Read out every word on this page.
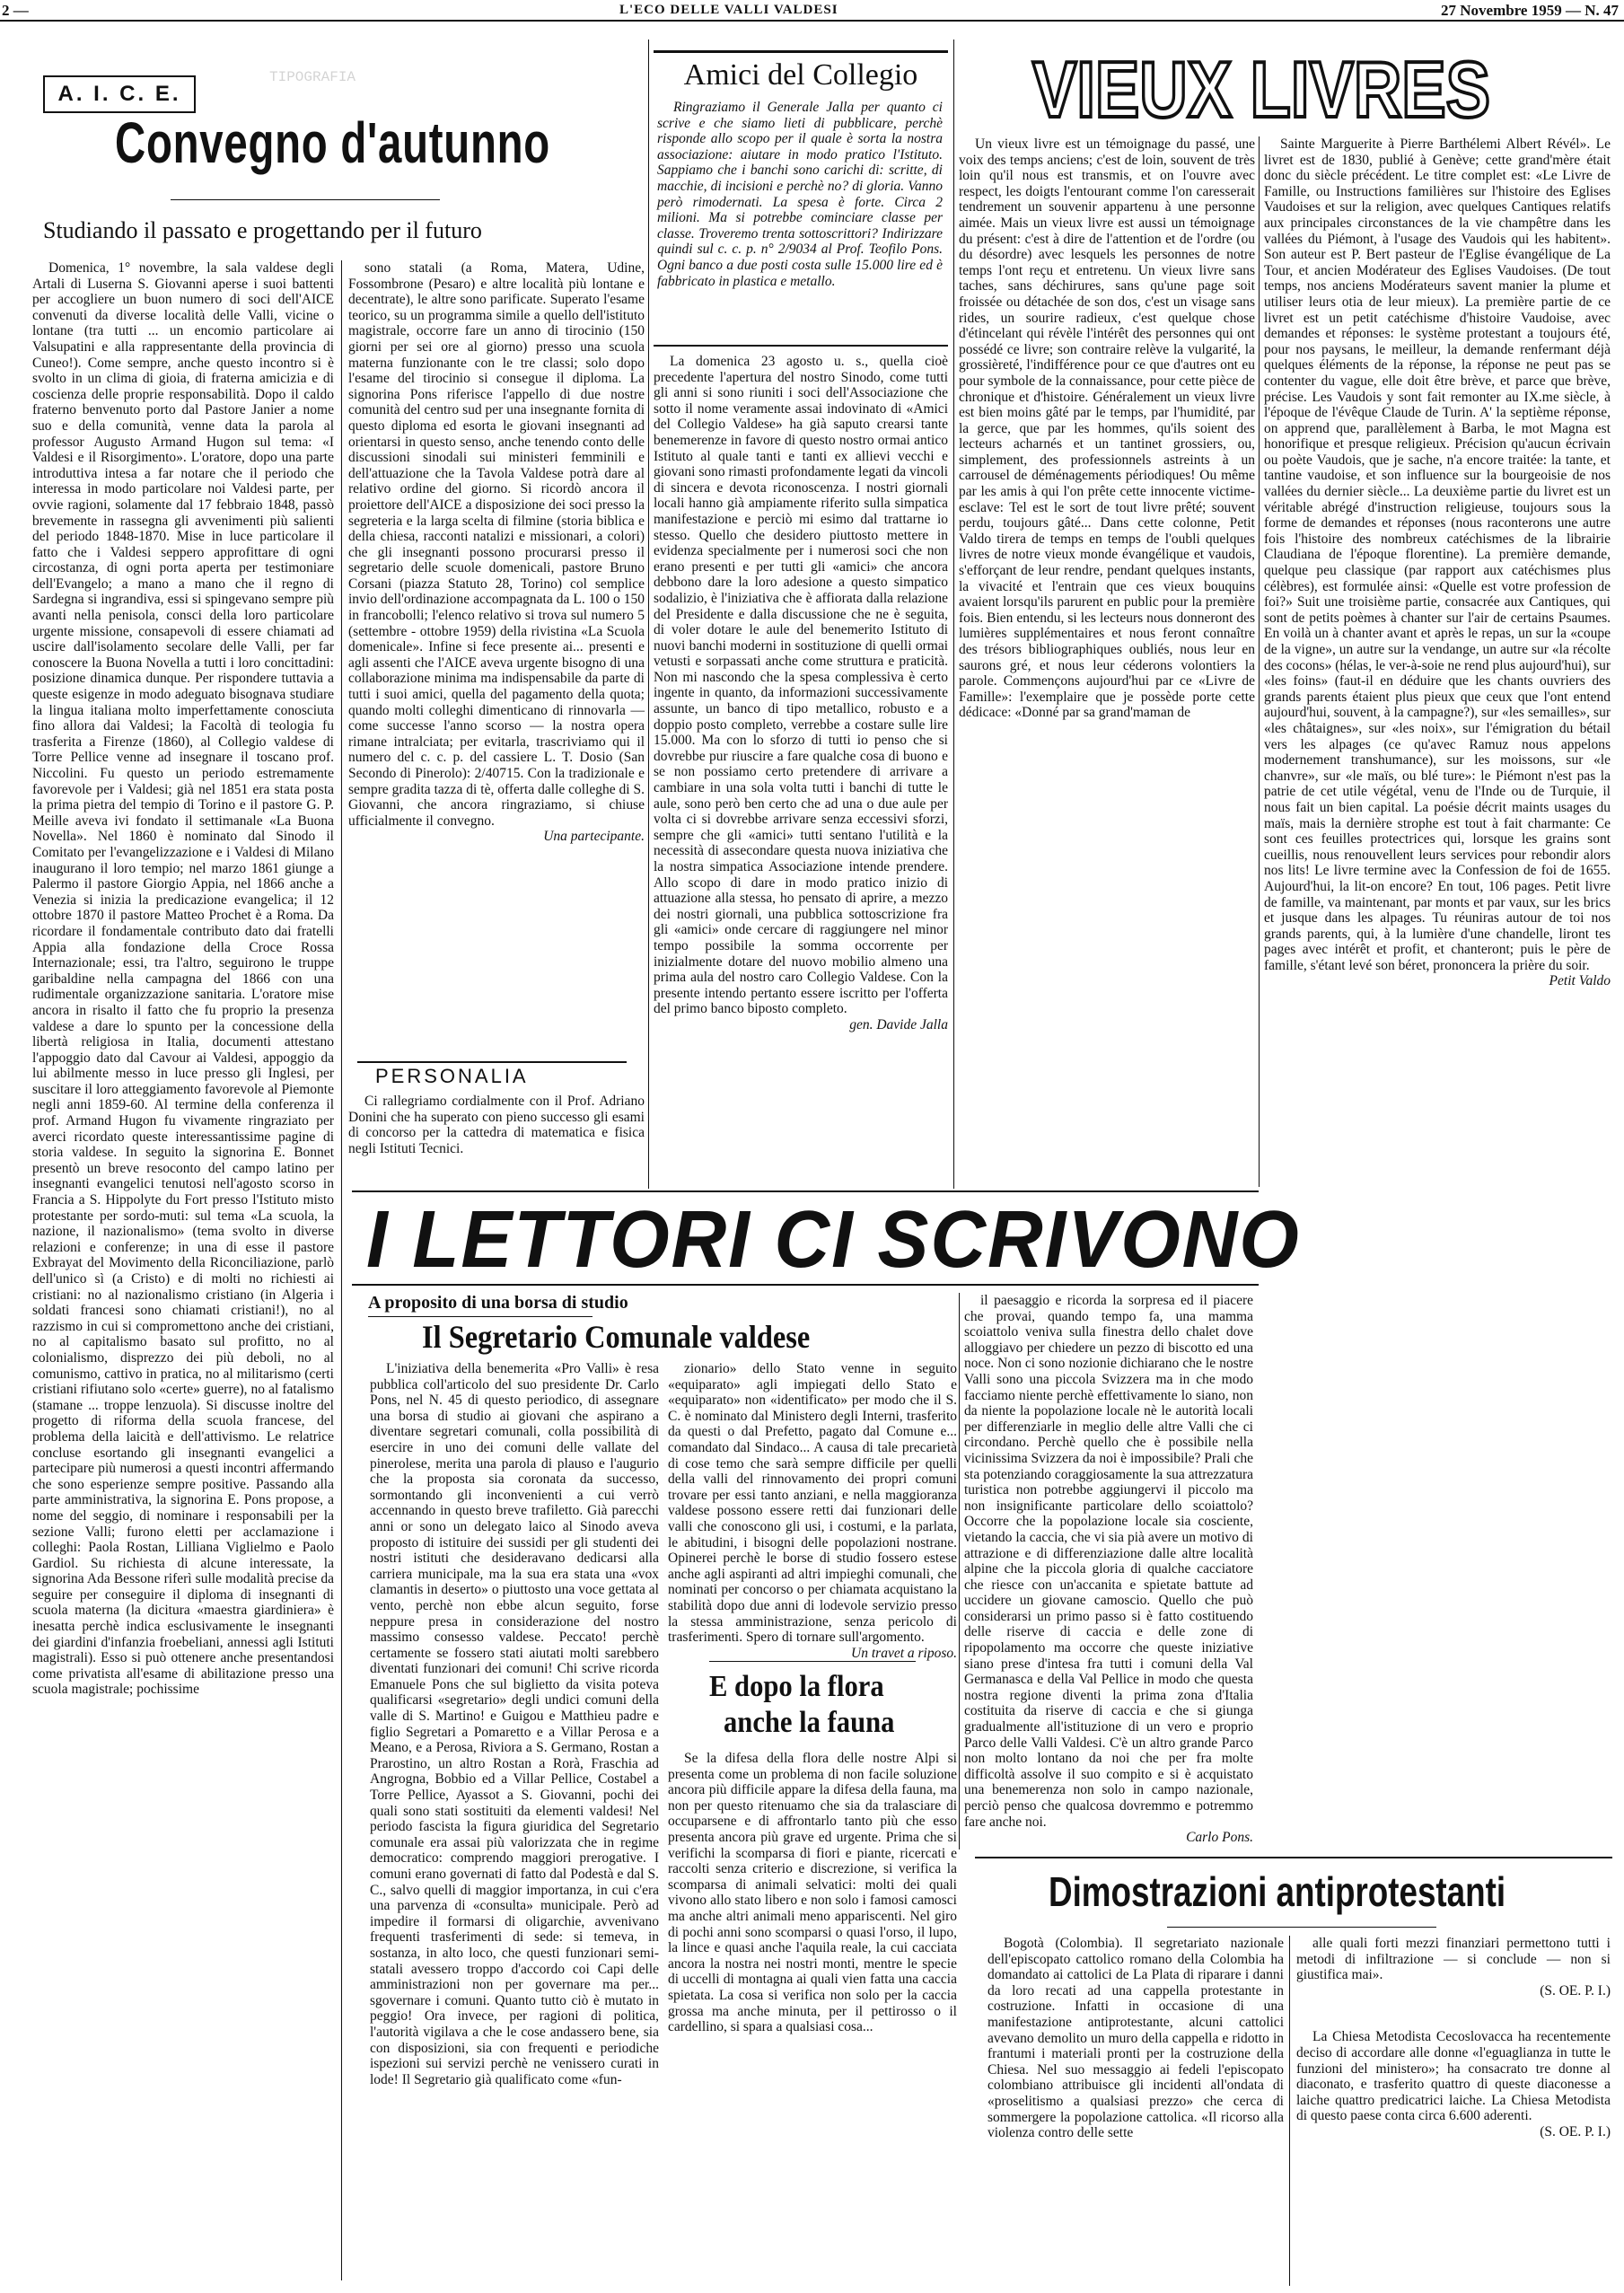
2 —	L'ECO DELLE VALLI VALDESI	27 Novembre 1959 — N. 47
A. I. C. E.
TIPOGRAFIA
Convegno d'autunno
Studiando il passato e progettando per il futuro

Domenica, 1° novembre, la sala valdese degli Artali di Luserna S. Giovanni aperse i suoi battenti per accogliere un buon numero di soci dell'AICE convenuti da diverse località delle Valli, vicine o lontane (tra tutti ... un encomio particolare ai Valsupatini e alla rappresentante della provincia di Cuneo!). Come sempre, anche questo incontro si è svolto in un clima di gioia, di fraterna amicizia e di coscienza delle proprie responsabilità. Dopo il caldo fraterno benvenuto porto dal Pastore Janier a nome suo e della comunità, venne data la parola al professor Augusto Armand Hugon sul tema: «I Valdesi e il Risorgimento». L'oratore, dopo una parte introduttiva intesa a far notare che il periodo che interessa in modo particolare noi Valdesi parte, per ovvie ragioni, solamente dal 17 febbraio 1848, passò brevemente in rassegna gli avvenimenti più salienti del periodo 1848-1870. Mise in luce particolare il fatto che i Valdesi seppero approfittare di ogni circostanza, di ogni porta aperta per testimoniare dell'Evangelo; a mano a mano che il regno di Sardegna si ingrandiva, essi si spingevano sempre più avanti nella penisola, consci della loro particolare urgente missione, consapevoli di essere chiamati ad uscire dall'isolamento secolare delle Valli, per far conoscere la Buona Novella a tutti i loro concittadini: posizione dinamica dunque. Per rispondere tuttavia a queste esigenze in modo adeguato bisognava studiare la lingua italiana molto imperfettamente conosciuta fino allora dai Valdesi; la Facoltà di teologia fu trasferita a Firenze (1860), al Collegio valdese di Torre Pellice venne ad insegnare il toscano prof. Niccolini. Fu questo un periodo estremamente favorevole per i Valdesi; già nel 1851 era stata posta la prima pietra del tempio di Torino e il pastore G. P. Meille aveva ivi fondato il settimanale «La Buona Novella». Nel 1860 è nominato dal Sinodo il Comitato per l'evangelizzazione e i Valdesi di Milano inaugurano il loro tempio; nel marzo 1861 giunge a Palermo il pastore Giorgio Appia, nel 1866 anche a Venezia si inizia la predicazione evangelica; il 12 ottobre 1870 il pastore Matteo Prochet è a Roma. Da ricordare il fondamentale contributo dato dai fratelli Appia alla fondazione della Croce Rossa Internazionale; essi, tra l'altro, seguirono le truppe garibaldine nella campagna del 1866 con una rudimentale organizzazione sanitaria. L'oratore mise ancora in risalto il fatto che fu proprio la presenza valdese a dare lo spunto per la concessione della libertà religiosa in Italia, documenti attestano l'appoggio dato dal Cavour ai Valdesi, appoggio da lui abilmente messo in luce presso gli Inglesi, per suscitare il loro atteggiamento favorevole al Piemonte negli anni 1859-60. Al termine della conferenza il prof. Armand Hugon fu vivamente ringraziato per averci ricordato queste interessantissime pagine di storia valdese. In seguito la signorina E. Bonnet presentò un breve resoconto del campo latino per insegnanti evangelici tenutosi nell'agosto scorso in Francia a S. Hippolyte du Fort presso l'Istituto misto protestante per sordo-muti: sul tema «La scuola, la nazione, il nazionalismo» (tema svolto in diverse relazioni e conferenze; in una di esse il pastore Exbrayat del Movimento della Riconciliazione, parlò dell'unico sì (a Cristo) e di molti no richiesti ai cristiani: no al nazionalismo cristiano (in Algeria i soldati francesi sono chiamati cristiani!), no al razzismo in cui si compromettono anche dei cristiani, no al capitalismo basato sul profitto, no al colonialismo, disprezzo dei più deboli, no al comunismo, cattivo in pratica, no al militarismo (certi cristiani rifiutano solo «certe» guerre), no al fatalismo (stamane ... troppe lenzuola). Si discusse inoltre del progetto di riforma della scuola francese, del problema della laicità e dell'attivismo. Le relatrice concluse esortando gli insegnanti evangelici a partecipare più numerosi a questi incontri affermando che sono esperienze sempre positive. Passando alla parte amministrativa, la signorina E. Pons propose, a nome del seggio, di nominare i responsabili per la sezione Valli; furono eletti per acclamazione i colleghi: Paola Rostan, Lilliana Viglielmo e Paolo Gardiol. Su richiesta di alcune interessate, la signorina Ada Bessone riferì sulle modalità precise da seguire per conseguire il diploma di insegnanti di scuola materna (la dicitura «maestra giardiniera» è inesatta perchè indica esclusivamente le insegnanti dei giardini d'infanzia froebeliani, annessi agli Istituti magistrali). Esso si può ottenere anche presentandosi come privatista all'esame di abilitazione presso una scuola magistrale; pochissime

sono statali (a Roma, Matera, Udine, Fossombrone (Pesaro) e altre località più lontane e decentrate), le altre sono parificate. Superato l'esame teorico, su un programma simile a quello dell'istituto magistrale, occorre fare un anno di tirocinio (150 giorni per sei ore al giorno) presso una scuola materna funzionante con le tre classi; solo dopo l'esame del tirocinio si consegue il diploma. La signorina Pons riferisce l'appello di due nostre comunità del centro sud per una insegnante fornita di questo diploma ed esorta le giovani insegnanti ad orientarsi in questo senso, anche tenendo conto delle discussioni sinodali sui ministeri femminili e dell'attuazione che la Tavola Valdese potrà dare al relativo ordine del giorno. Si ricordò ancora il proiettore dell'AICE a disposizione dei soci presso la segreteria e la larga scelta di filmine (storia biblica e della chiesa, racconti natalizi e missionari, a colori) che gli insegnanti possono procurarsi presso il segretario delle scuole domenicali, pastore Bruno Corsani (piazza Statuto 28, Torino) col semplice invio dell'ordinazione accompagnata da L. 100 o 150 in francobolli; l'elenco relativo si trova sul numero 5 (settembre - ottobre 1959) della rivistina «La Scuola domenicale». Infine si fece presente ai... presenti e agli assenti che l'AICE aveva urgente bisogno di una collaborazione minima ma indispensabile da parte di tutti i suoi amici, quella del pagamento della quota; quando molti colleghi dimenticano di rinnovarla — come successe l'anno scorso — la nostra opera rimane intralciata; per evitarla, trascriviamo qui il numero del c. c. p. del cassiere L. T. Dosio (San Secondo di Pinerolo): 2/40715. Con la tradizionale e sempre gradita tazza di tè, offerta dalle colleghe di S. Giovanni, che ancora ringraziamo, si chiuse ufficialmente il convegno.

Una partecipante.
PERSONALIA

Ci rallegriamo cordialmente con il Prof. Adriano Donini che ha superato con pieno successo gli esami di concorso per la cattedra di matematica e fisica negli Istituti Tecnici.

Amici del Collegio

Ringraziamo il Generale Jalla per quanto ci scrive e che siamo lieti di pubblicare, perchè risponde allo scopo per il quale è sorta la nostra associazione: aiutare in modo pratico l'Istituto. Sappiamo che i banchi sono carichi di: scritte, di macchie, di incisioni e perchè no? di gloria. Vanno però rimodernati. La spesa è forte. Circa 2 milioni. Ma si potrebbe cominciare classe per classe. Troveremo trenta sottoscrittori? Indirizzare quindi sul c. c. p. n° 2/9034 al Prof. Teofilo Pons. Ogni banco a due posti costa sulle 15.000 lire ed è fabbricato in plastica e metallo.

La domenica 23 agosto u. s., quella cioè precedente l'apertura del nostro Sinodo, come tutti gli anni si sono riuniti i soci dell'Associazione che sotto il nome veramente assai indovinato di «Amici del Collegio Valdese» ha già saputo crearsi tante benemerenze in favore di questo nostro ormai antico Istituto al quale tanti e tanti ex allievi vecchi e giovani sono rimasti profondamente legati da vincoli di sincera e devota riconoscenza. I nostri giornali locali hanno già ampiamente riferito sulla simpatica manifestazione e perciò mi esimo dal trattarne io stesso. Quello che desidero piuttosto mettere in evidenza specialmente per i numerosi soci che non erano presenti e per tutti gli «amici» che ancora debbono dare la loro adesione a questo simpatico sodalizio, è l'iniziativa che è affiorata dalla relazione del Presidente e dalla discussione che ne è seguita, di voler dotare le aule del benemerito Istituto di nuovi banchi moderni in sostituzione di quelli ormai vetusti e sorpassati anche come struttura e praticità. Non mi nascondo che la spesa complessiva è certo ingente in quanto, da informazioni successivamente assunte, un banco di tipo metallico, robusto e a doppio posto completo, verrebbe a costare sulle lire 15.000. Ma con lo sforzo di tutti io penso che si dovrebbe pur riuscire a fare qualche cosa di buono e se non possiamo certo pretendere di arrivare a cambiare in una sola volta tutti i banchi di tutte le aule, sono però ben certo che ad una o due aule per volta ci si dovrebbe arrivare senza eccessivi sforzi, sempre che gli «amici» tutti sentano l'utilità e la necessità di assecondare questa nuova iniziativa che la nostra simpatica Associazione intende prendere. Allo scopo di dare in modo pratico inizio di attuazione alla stessa, ho pensato di aprire, a mezzo dei nostri giornali, una pubblica sottoscrizione fra gli «amici» onde cercare di raggiungere nel minor tempo possibile la somma occorrente per inizialmente dotare del nuovo mobilio almeno una prima aula del nostro caro Collegio Valdese. Con la presente intendo pertanto essere iscritto per l'offerta del primo banco biposto completo.

gen. Davide Jalla
VIEUX LIVRES

Un vieux livre est un témoignage du passé, une voix des temps anciens; c'est de loin, souvent de très loin qu'il nous est transmis, et on l'ouvre avec respect, les doigts l'entourant comme l'on caresserait tendrement un souvenir appartenu à une personne aimée. Mais un vieux livre est aussi un témoignage du présent: c'est à dire de l'attention et de l'ordre (ou du désordre) avec lesquels les personnes de notre temps l'ont reçu et entretenu. Un vieux livre sans taches, sans déchirures, sans qu'une page soit froissée ou détachée de son dos, c'est un visage sans rides, un sourire radieux, c'est quelque chose d'étincelant qui révèle l'intérêt des personnes qui ont possédé ce livre; son contraire relève la vulgarité, la grossièreté, l'indifférence pour ce que d'autres ont eu pour symbole de la connaissance, pour cette pièce de chronique et d'histoire. Généralement un vieux livre est bien moins gâté par le temps, par l'humidité, par la gerce, que par les hommes, qu'ils soient des lecteurs acharnés et un tantinet grossiers, ou, simplement, des professionnels astreints à un carrousel de déménagements périodiques! Ou même par les amis à qui l'on prête cette innocente victime-esclave: Tel est le sort de tout livre prêté; souvent perdu, toujours gâté... Dans cette colonne, Petit Valdo tirera de temps en temps de l'oubli quelques livres de notre vieux monde évangélique et vaudois, s'efforçant de leur rendre, pendant quelques instants, la vivacité et l'entrain que ces vieux bouquins avaient lorsqu'ils parurent en public pour la première fois. Bien entendu, si les lecteurs nous donneront des lumières supplémentaires et nous feront connaître des trésors bibliographiques oubliés, nous leur en saurons gré, et nous leur céderons volontiers la parole. Commençons aujourd'hui par ce «Livre de Famille»: l'exemplaire que je possède porte cette dédicace: «Donné par sa grand'maman de

Sainte Marguerite à Pierre Barthélemi Albert Révél». Le livret est de 1830, publié à Genève; cette grand'mère était donc du siècle précédent. Le titre complet est: «Le Livre de Famille, ou Instructions familières sur l'histoire des Eglises Vaudoises et sur la religion, avec quelques Cantiques relatifs aux principales circonstances de la vie champêtre dans les vallées du Piémont, à l'usage des Vaudois qui les habitent». Son auteur est P. Bert pasteur de l'Eglise évangélique de La Tour, et ancien Modérateur des Eglises Vaudoises. (De tout temps, nos anciens Modérateurs savent manier la plume et utiliser leurs otia de leur mieux). La première partie de ce livret est un petit catéchisme d'histoire Vaudoise, avec demandes et réponses: le système protestant a toujours été, pour nos paysans, le meilleur, la demande renfermant déjà quelques éléments de la réponse, la réponse ne peut pas se contenter du vague, elle doit être brève, et parce que brève, précise. Les Vaudois y sont fait remonter au IX.me siècle, à l'époque de l'évêque Claude de Turin. A' la septième réponse, on apprend que, parallèlement à Barba, le mot Magna est honorifique et presque religieux. Précision qu'aucun écrivain ou poète Vaudois, que je sache, n'a encore traitée: la tante, et tantine vaudoise, et son influence sur la bourgeoisie de nos vallées du dernier siècle... La deuxième partie du livret est un véritable abrégé d'instruction religieuse, toujours sous la forme de demandes et réponses (nous raconterons une autre fois l'histoire des nombreux catéchismes de la librairie Claudiana de l'époque florentine). La première demande, quelque peu classique (par rapport aux catéchismes plus célèbres), est formulée ainsi: «Quelle est votre profession de foi?» Suit une troisième partie, consacrée aux Cantiques, qui sont de petits poèmes à chanter sur l'air de certains Psaumes. En voilà un à chanter avant et après le repas, un sur la «coupe de la vigne», un autre sur la vendange, un autre sur «la récolte des cocons» (hélas, le ver-à-soie ne rend plus aujourd'hui), sur «les foins» (faut-il en déduire que les chants ouvriers des grands parents étaient plus pieux que ceux que l'ont entend aujourd'hui, souvent, à la campagne?), sur «les semailles», sur «les châtaignes», sur «les noix», sur l'émigration du bétail vers les alpages (ce qu'avec Ramuz nous appelons modernement transhumance), sur les moissons, sur «le chanvre», sur «le maïs, ou blé ture»: le Piémont n'est pas la patrie de cet utile végétal, venu de l'Inde ou de Turquie, il nous fait un bien capital. La poésie décrit maints usages du maïs, mais la dernière strophe est tout à fait charmante: Ce sont ces feuilles protectrices qui, lorsque les grains sont cueillis, nous renouvellent leurs services pour rebondir alors nos lits! Le livre termine avec la Confession de foi de 1655. Aujourd'hui, la lit-on encore? En tout, 106 pages. Petit livre de famille, va maintenant, par monts et par vaux, sur les brics et jusque dans les alpages. Tu réuniras autour de toi nos grands parents, qui, à la lumière d'une chandelle, liront tes pages avec intérêt et profit, et chanteront; puis le père de famille, s'étant levé son béret, prononcera la prière du soir.

Petit Valdo
I LETTORI CI SCRIVONO
A proposito di una borsa di studio
Il Segretario Comunale valdese

L'iniziativa della benemerita «Pro Valli» è resa pubblica coll'articolo del suo presidente Dr. Carlo Pons, nel N. 45 di questo periodico, di assegnare una borsa di studio ai giovani che aspirano a diventare segretari comunali, colla possibilità di esercire in uno dei comuni delle vallate del pinerolese, merita una parola di plauso e l'augurio che la proposta sia coronata da successo, sormontando gli inconvenienti a cui verrò accennando in questo breve trafiletto. Già parecchi anni or sono un delegato laico al Sinodo aveva proposto di istituire dei sussidi per gli studenti dei nostri istituti che desideravano dedicarsi alla carriera municipale, ma la sua era stata una «vox clamantis in deserto» o piuttosto una voce gettata al vento, perchè non ebbe alcun seguito, forse neppure presa in considerazione del nostro massimo consesso valdese. Peccato! perchè certamente se fossero stati aiutati molti sarebbero diventati funzionari dei comuni! Chi scrive ricorda Emanuele Pons che sul biglietto da visita poteva qualificarsi «segretario» degli undici comuni della valle di S. Martino! e Guigou e Matthieu padre e figlio Segretari a Pomaretto e a Villar Perosa e a Meano, e a Perosa, Riviora a S. Germano, Rostan a Prarostino, un altro Rostan a Rorà, Fraschia ad Angrogna, Bobbio ed a Villar Pellice, Costabel a Torre Pellice, Ayassot a S. Giovanni, pochi dei quali sono stati sostituiti da elementi valdesi! Nel periodo fascista la figura giuridica del Segretario comunale era assai più valorizzata che in regime democratico: comprendo maggiori prerogative. I comuni erano governati di fatto dal Podestà e dal S. C., salvo quelli di maggior importanza, in cui c'era una parvenza di «consulta» municipale. Però ad impedire il formarsi di oligarchie, avvenivano frequenti trasferimenti di sede: si temeva, in sostanza, in alto loco, che questi funzionari semi-statali avessero troppo d'accordo coi Capi delle amministrazioni non per governare ma per... sgovernare i comuni. Quanto tutto ciò è mutato in peggio! Ora invece, per ragioni di politica, l'autorità vigilava a che le cose andassero bene, sia con disposizioni, sia con frequenti e periodiche ispezioni sui servizi perchè ne venissero curati in lode! Il Segretario già qualificato come «fun-

zionario» dello Stato venne in seguito «equiparato» agli impiegati dello Stato e «equiparato» non «identificato» per modo che il S. C. è nominato dal Ministero degli Interni, trasferito da questi o dal Prefetto, pagato dal Comune e... comandato dal Sindaco... A causa di tale precarietà di cose temo che sarà sempre difficile per quelli della valli del rinnovamento dei propri comuni trovare per essi tanto anziani, e nella maggioranza valdese possono essere retti dai funzionari delle valli che conoscono gli usi, i costumi, e la parlata, le abitudini, i bisogni delle popolazioni nostrane. Opinerei perchè le borse di studio fossero estese anche agli aspiranti ad altri impieghi comunali, che nominati per concorso o per chiamata acquistano la stabilità dopo due anni di lodevole servizio presso la stessa amministrazione, senza pericolo di trasferimenti. Spero di tornare sull'argomento.

Un travet a riposo.
E dopo la flora
anche la fauna

Se la difesa della flora delle nostre Alpi si presenta come un problema di non facile soluzione ancora più difficile appare la difesa della fauna, ma non per questo ritenuamo che sia da tralasciare di occuparsene e di affrontarlo tanto più che esso presenta ancora più grave ed urgente. Prima che si verifichi la scomparsa di fiori e piante, ricercati e raccolti senza criterio e discrezione, si verifica la scomparsa di animali selvatici: molti dei quali vivono allo stato libero e non solo i famosi camosci ma anche altri animali meno appariscenti. Nel giro di pochi anni sono scomparsi o quasi l'orso, il lupo, la lince e quasi anche l'aquila reale, la cui cacciata ancora la nostra nei nostri monti, mentre le specie di uccelli di montagna ai quali vien fatta una caccia spietata. La cosa si verifica non solo per la caccia grossa ma anche minuta, per il pettirosso o il cardellino, si spara a qualsiasi cosa...

il paesaggio e ricorda la sorpresa ed il piacere che provai, quando tempo fa, una mamma scoiattolo veniva sulla finestra dello chalet dove alloggiavo per chiedere un pezzo di biscotto ed una noce. Non ci sono nozionie dichiarano che le nostre Valli sono una piccola Svizzera ma in che modo facciamo niente perchè effettivamente lo siano, non da niente la popolazione locale nè le autorità locali per differenziarle in meglio delle altre Valli che ci circondano. Perchè quello che è possibile nella vicinissima Svizzera da noi è impossibile? Prali che sta potenziando coraggiosamente la sua attrezzatura turistica non potrebbe aggiungervi il piccolo ma non insignificante particolare dello scoiattolo? Occorre che la popolazione locale sia cosciente, vietando la caccia, che vi sia pià avere un motivo di attrazione e di differenziazione dalle altre località alpine che la piccola gloria di qualche cacciatore che riesce con un'accanita e spietate battute ad uccidere un giovane camoscio. Quello che può considerarsi un primo passo si è fatto costituendo delle riserve di caccia e delle zone di ripopolamento ma occorre che queste iniziative siano prese d'intesa fra tutti i comuni della Val Germanasca e della Val Pellice in modo che questa nostra regione diventi la prima zona d'Italia costituita da riserve di caccia e che si giunga gradualmente all'istituzione di un vero e proprio Parco delle Valli Valdesi. C'è un altro grande Parco non molto lontano da noi che per fra molte difficoltà assolve il suo compito e si è acquistato una benemerenza non solo in campo nazionale, perciò penso che qualcosa dovremmo e potremmo fare anche noi.

Carlo Pons.
Dimostrazioni antiprotestanti

Bogotà (Colombia). Il segretariato nazionale dell'episcopato cattolico romano della Colombia ha domandato ai cattolici de La Plata di riparare i danni da loro recati ad una cappella protestante in costruzione. Infatti in occasione di una manifestazione antiprotestante, alcuni cattolici avevano demolito un muro della cappella e ridotto in frantumi i materiali pronti per la costruzione della Chiesa. Nel suo messaggio ai fedeli l'episcopato colombiano attribuisce gli incidenti all'ondata di «proselitismo a qualsiasi prezzo» che cerca di sommergere la popolazione cattolica. «Il ricorso alla violenza contro delle sette

alle quali forti mezzi finanziari permettono tutti i metodi di infiltrazione — si conclude — non si giustifica mai».

(S. OE. P. I.)

La Chiesa Metodista Cecoslovacca ha recentemente deciso di accordare alle donne «l'eguaglianza in tutte le funzioni del ministero»; ha consacrato tre donne al diaconato, e trasferito quattro di queste diaconesse a laiche quattro predicatrici laiche. La Chiesa Metodista di questo paese conta circa 6.600 aderenti.

(S. OE. P. I.)
